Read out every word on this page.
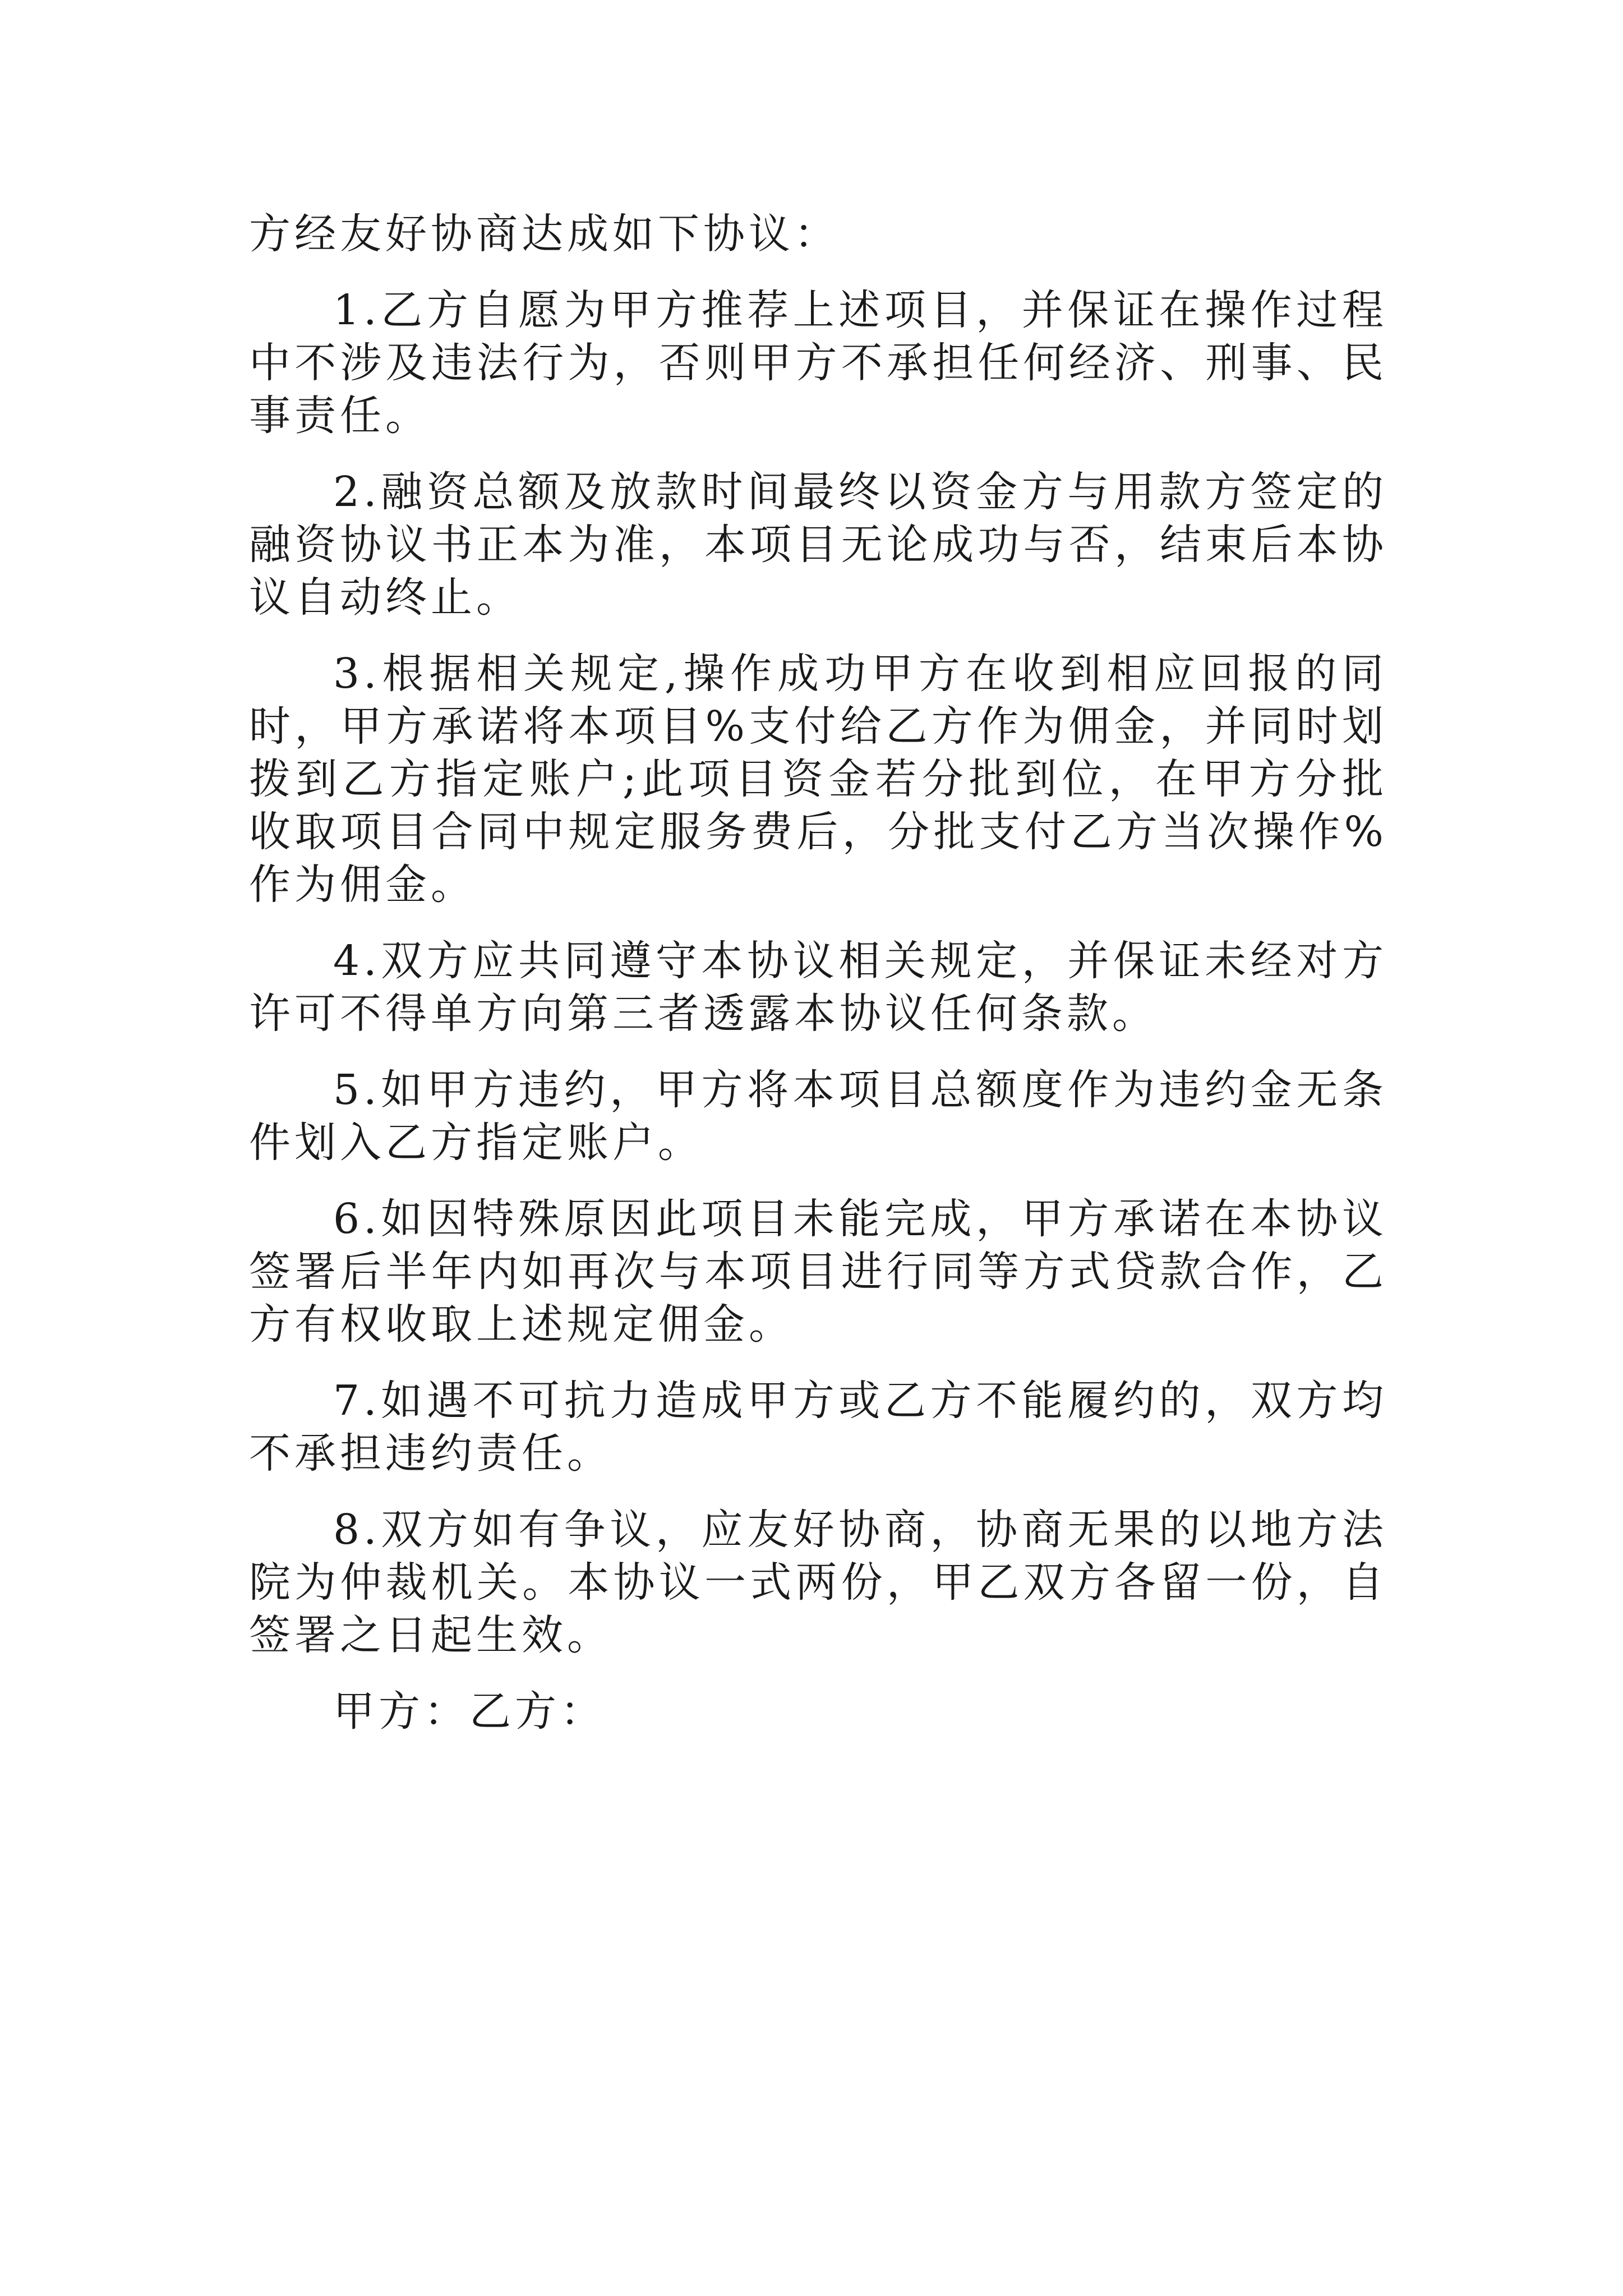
方经友好协商达成如下协议：

1.乙方自愿为甲方推荐上述项目，并保证在操作过程中不涉及违法行为，否则甲方不承担任何经济、刑事、民事责任。

2.融资总额及放款时间最终以资金方与用款方签定的融资协议书正本为准，本项目无论成功与否，结束后本协议自动终止。

3.根据相关规定,操作成功甲方在收到相应回报的同时，甲方承诺将本项目%支付给乙方作为佣金，并同时划拨到乙方指定账户;此项目资金若分批到位，在甲方分批收取项目合同中规定服务费后，分批支付乙方当次操作%作为佣金。

4.双方应共同遵守本协议相关规定，并保证未经对方许可不得单方向第三者透露本协议任何条款。

5.如甲方违约，甲方将本项目总额度作为违约金无条件划入乙方指定账户。

6.如因特殊原因此项目未能完成，甲方承诺在本协议签署后半年内如再次与本项目进行同等方式贷款合作，乙方有权收取上述规定佣金。

7.如遇不可抗力造成甲方或乙方不能履约的，双方均不承担违约责任。

8.双方如有争议，应友好协商，协商无果的以地方法院为仲裁机关。本协议一式两份，甲乙双方各留一份，自签署之日起生效。

甲方：乙方：
